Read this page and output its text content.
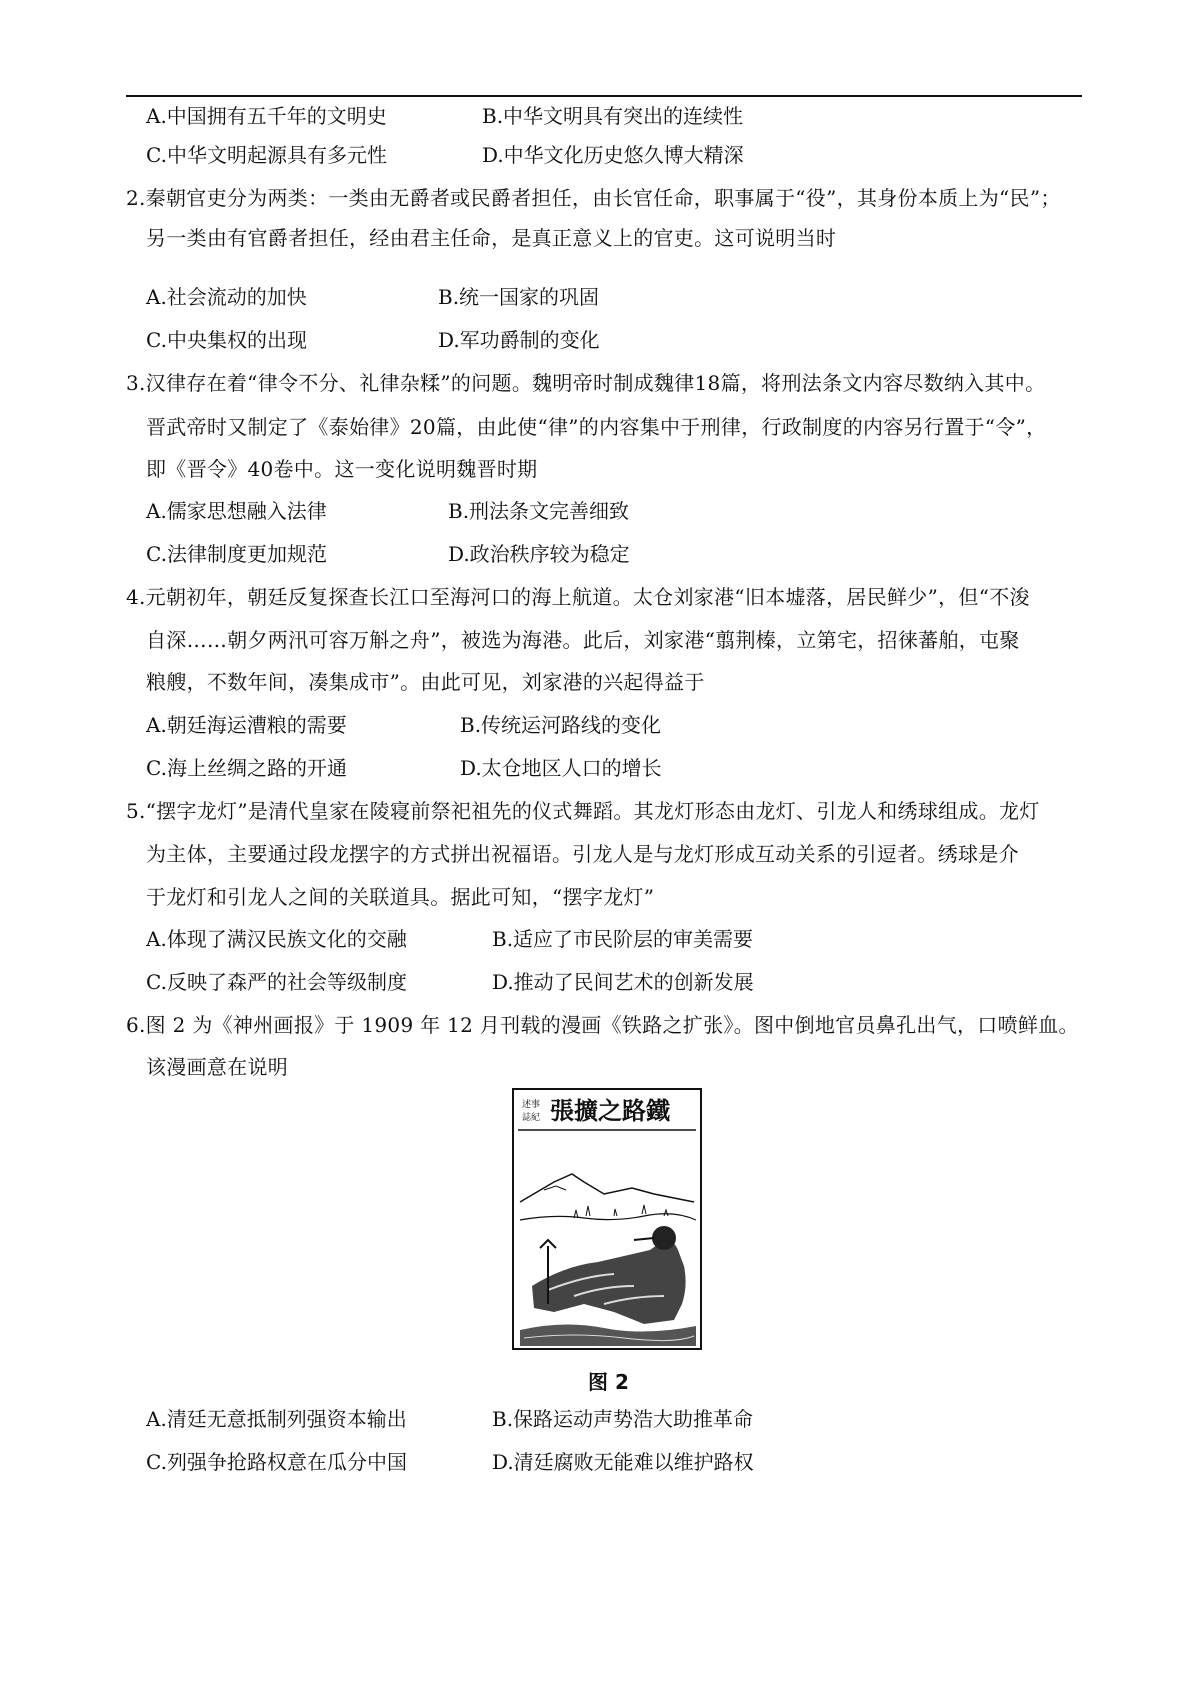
A.中国拥有五千年的文明史	B.中华文明具有突出的连续性
C.中华文明起源具有多元性	D.中华文化历史悠久博大精深
2.秦朝官吏分为两类：一类由无爵者或民爵者担任，由长官任命，职事属于“役”，其身份本质上为“民”；
另一类由有官爵者担任，经由君主任命，是真正意义上的官吏。这可说明当时
A.社会流动的加快	B.统一国家的巩固
C.中央集权的出现	D.军功爵制的变化
3.汉律存在着“律令不分、礼律杂糅”的问题。魏明帝时制成魏律18篇，将刑法条文内容尽数纳入其中。
晋武帝时又制定了《泰始律》20篇，由此使“律”的内容集中于刑律，行政制度的内容另行置于“令”，
即《晋令》40卷中。这一变化说明魏晋时期
A.儒家思想融入法律	B.刑法条文完善细致
C.法律制度更加规范	D.政治秩序较为稳定
4.元朝初年，朝廷反复探查长江口至海河口的海上航道。太仓刘家港“旧本墟落，居民鲜少”，但“不浚
自深……朝夕两汛可容万斛之舟”，被选为海港。此后，刘家港“翦荆榛，立第宅，招徕蕃舶，屯聚
粮艘，不数年间，凑集成市”。由此可见，刘家港的兴起得益于
A.朝廷海运漕粮的需要	B.传统运河路线的变化
C.海上丝绸之路的开通	D.太仓地区人口的增长
5.“摆字龙灯”是清代皇家在陵寝前祭祀祖先的仪式舞蹈。其龙灯形态由龙灯、引龙人和绣球组成。龙灯
为主体，主要通过段龙摆字的方式拼出祝福语。引龙人是与龙灯形成互动关系的引逗者。绣球是介
于龙灯和引龙人之间的关联道具。据此可知，“摆字龙灯”
A.体现了满汉民族文化的交融	B.适应了市民阶层的审美需要
C.反映了森严的社会等级制度	D.推动了民间艺术的创新发展
6.图 2 为《神州画报》于 1909 年 12 月刊载的漫画《铁路之扩张》。图中倒地官员鼻孔出气，口喷鲜血。
该漫画意在说明
述事
誌紀 張擴之路鐵
图 2
A.清廷无意抵制列强资本输出	B.保路运动声势浩大助推革命
C.列强争抢路权意在瓜分中国	D.清廷腐败无能难以维护路权
